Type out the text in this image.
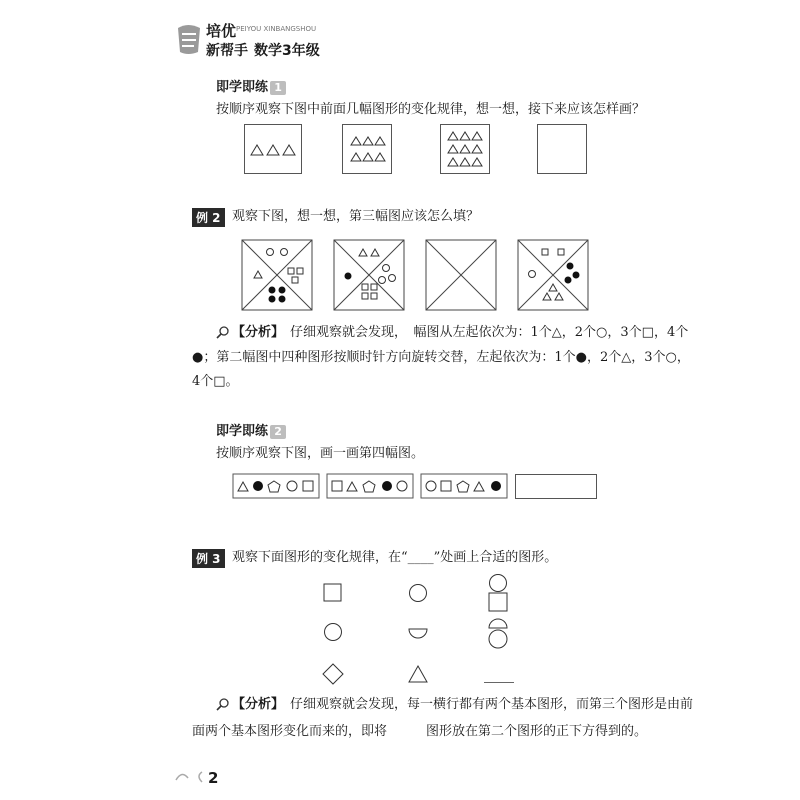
培优 PEIYOU XINBANGSHOU
新帮手 数学3年级
即学即练 1
按顺序观察下图中前面几幅图形的变化规律，想一想，接下来应该怎样画？
例 2 观察下图，想一想，第三幅图应该怎么填？
【分析】 仔细观察就会发现，　幅图从左起依次为：1个△，2个○，3个□，4个
●；第二幅图中四种图形按顺时针方向旋转交替，左起依次为：1个●，2个△，3个○，
4个□。
即学即练 2
按顺序观察下图，画一画第四幅图。
例 3 观察下面图形的变化规律，在“____”处画上合适的图形。
【分析】 仔细观察就会发现，每一横行都有两个基本图形，而第三个图形是由前
面两个基本图形变化而来的，即将　　　图形放在第二个图形的正下方得到的。
2
